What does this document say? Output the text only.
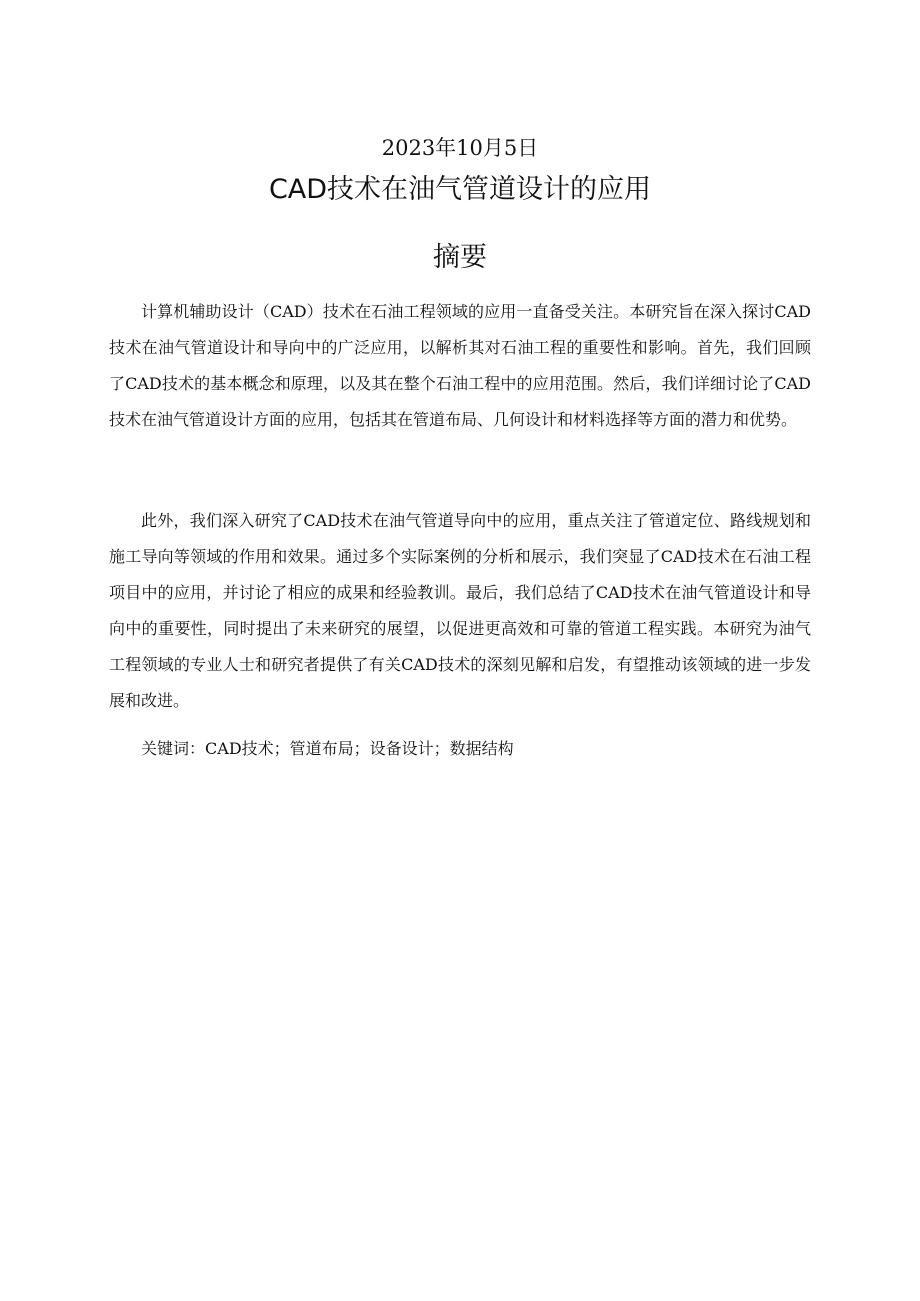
2023年10月5日
CAD技术在油气管道设计的应用
摘要

计算机辅助设计（CAD）技术在石油工程领域的应用一直备受关注。本研究旨在深入探讨CAD技术在油气管道设计和导向中的广泛应用，以解析其对石油工程的重要性和影响。首先，我们回顾了CAD技术的基本概念和原理，以及其在整个石油工程中的应用范围。然后，我们详细讨论了CAD技术在油气管道设计方面的应用，包括其在管道布局、几何设计和材料选择等方面的潜力和优势。

此外，我们深入研究了CAD技术在油气管道导向中的应用，重点关注了管道定位、路线规划和施工导向等领域的作用和效果。通过多个实际案例的分析和展示，我们突显了CAD技术在石油工程项目中的应用，并讨论了相应的成果和经验教训。最后，我们总结了CAD技术在油气管道设计和导向中的重要性，同时提出了未来研究的展望，以促进更高效和可靠的管道工程实践。本研究为油气工程领域的专业人士和研究者提供了有关CAD技术的深刻见解和启发，有望推动该领域的进一步发展和改进。

关键词：CAD技术；管道布局；设备设计；数据结构
